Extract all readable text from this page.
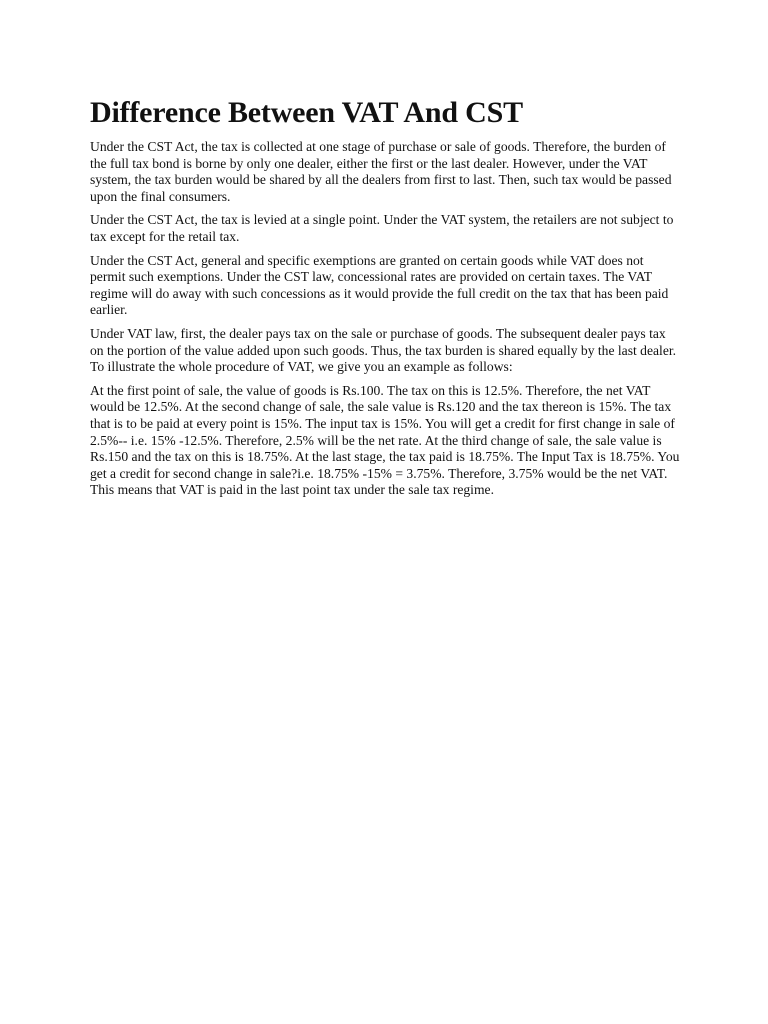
Difference Between VAT And CST

Under the CST Act, the tax is collected at one stage of purchase or sale of goods. Therefore, the burden of the full tax bond is borne by only one dealer, either the first or the last dealer. However, under the VAT system, the tax burden would be shared by all the dealers from first to last. Then, such tax would be passed upon the final consumers.

Under the CST Act, the tax is levied at a single point. Under the VAT system, the retailers are not subject to tax except for the retail tax.

Under the CST Act, general and specific exemptions are granted on certain goods while VAT does not permit such exemptions. Under the CST law, concessional rates are provided on certain taxes. The VAT regime will do away with such concessions as it would provide the full credit on the tax that has been paid earlier.

Under VAT law, first, the dealer pays tax on the sale or purchase of goods. The subsequent dealer pays tax on the portion of the value added upon such goods. Thus, the tax burden is shared equally by the last dealer. To illustrate the whole procedure of VAT, we give you an example as follows:

At the first point of sale, the value of goods is Rs.100. The tax on this is 12.5%. Therefore, the net VAT would be 12.5%. At the second change of sale, the sale value is Rs.120 and the tax thereon is 15%. The tax that is to be paid at every point is 15%. The input tax is 15%. You will get a credit for first change in sale of 2.5%-- i.e. 15% -12.5%. Therefore, 2.5% will be the net rate. At the third change of sale, the sale value is Rs.150 and the tax on this is 18.75%. At the last stage, the tax paid is 18.75%. The Input Tax is 18.75%. You get a credit for second change in sale?i.e. 18.75% -15% = 3.75%. Therefore, 3.75% would be the net VAT. This means that VAT is paid in the last point tax under the sale tax regime.
